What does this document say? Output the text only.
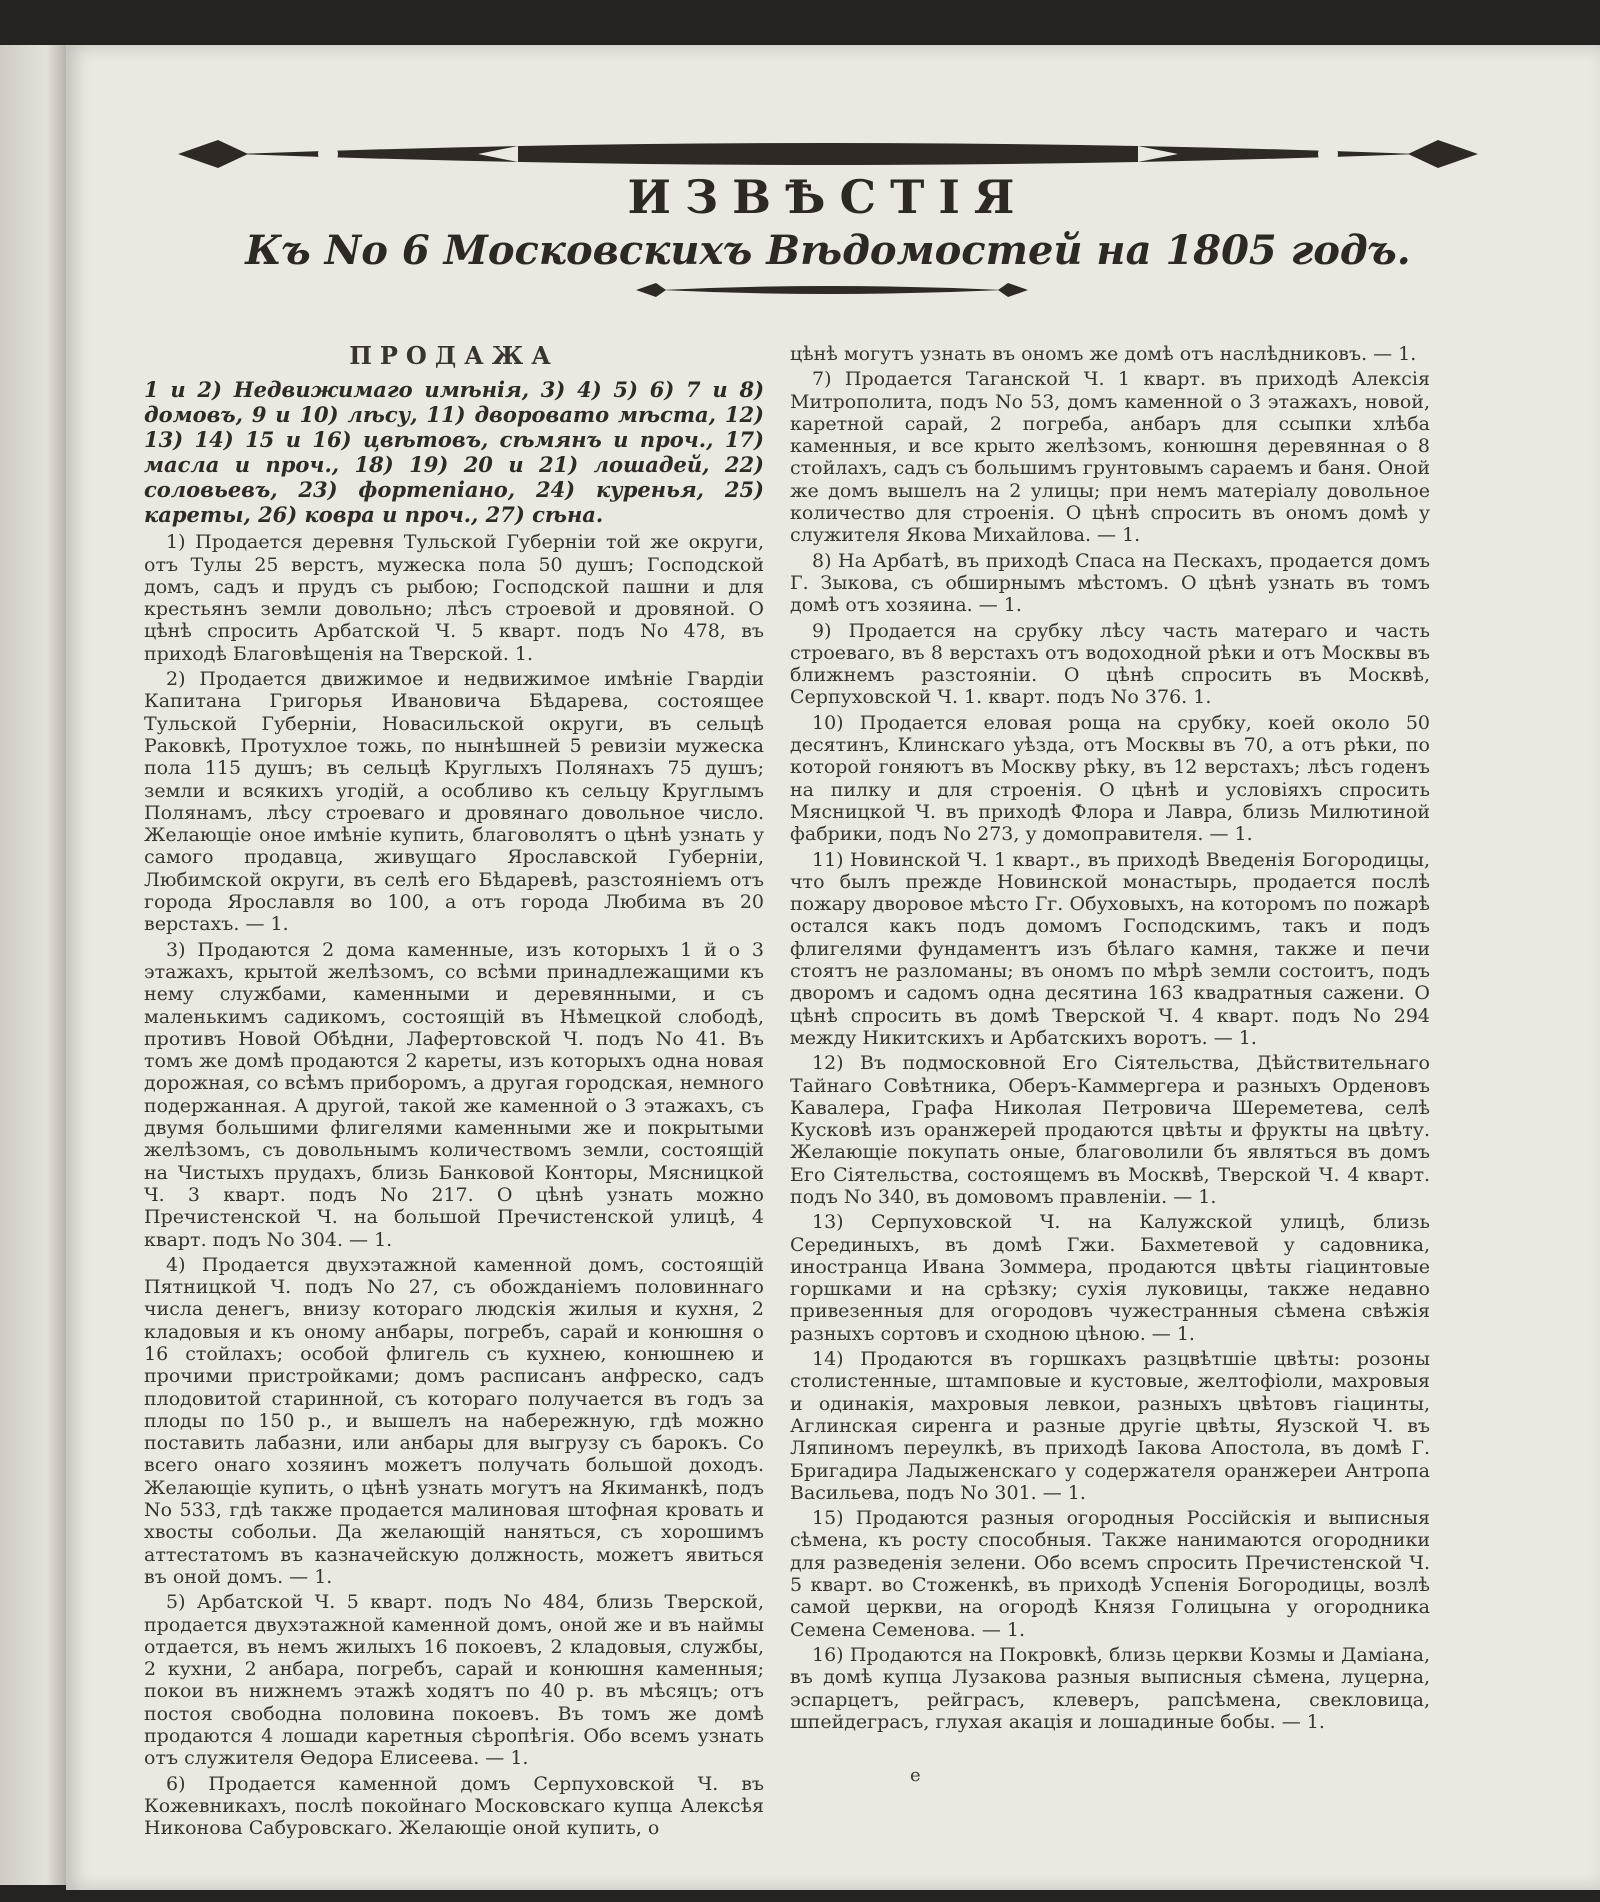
ИЗВѢСТІЯ
Къ No 6 Московскихъ Вѣдомостей на 1805 годъ.
ПРОДАЖА

1 и 2) Недвижимаго имѣнія, 3) 4) 5) 6) 7 и 8) домовъ, 9 и 10) лѣсу, 11) дворовато мѣста, 12) 13) 14) 15 и 16) цвѣтовъ, сѣмянъ и проч., 17) масла и проч., 18) 19) 20 и 21) лошадей, 22) соловьевъ, 23) фортепіано, 24) куренья, 25) кареты, 26) ковра и проч., 27) сѣна.

1) Продается деревня Тульской Губерніи той же округи, отъ Тулы 25 верстъ, мужеска пола 50 душъ; Господской домъ, садъ и прудъ съ рыбою; Господской пашни и для крестьянъ земли довольно; лѣсъ строевой и дровяной. О цѣнѣ спросить Арбатской Ч. 5 кварт. подъ No 478, въ приходѣ Благовѣщенія на Тверской. 1.

2) Продается движимое и недвижимое имѣніе Гвардіи Капитана Григорья Ивановича Бѣдарева, состоящее Тульской Губерніи, Новасильской округи, въ сельцѣ Раковкѣ, Протухлое тожь, по нынѣшней 5 ревизіи мужеска пола 115 душъ; въ сельцѣ Круглыхъ Полянахъ 75 душъ; земли и всякихъ угодій, а особливо къ сельцу Круглымъ Полянамъ, лѣсу строеваго и дровянаго довольное число. Желающіе оное имѣніе купить, благоволятъ о цѣнѣ узнать у самого продавца, живущаго Ярославской Губерніи, Любимской округи, въ селѣ его Бѣдаревѣ, разстояніемъ отъ города Ярославля во 100, а отъ города Любима въ 20 верстахъ. — 1.

3) Продаются 2 дома каменные, изъ которыхъ 1 й о 3 этажахъ, крытой желѣзомъ, со всѣми принадлежащими къ нему службами, каменными и деревянными, и съ маленькимъ садикомъ, состоящій въ Нѣмецкой слободѣ, противъ Новой Обѣдни, Лафертовской Ч. подъ No 41. Въ томъ же домѣ продаются 2 кареты, изъ которыхъ одна новая дорожная, со всѣмъ приборомъ, а другая городская, немного подержанная. А другой, такой же каменной о 3 этажахъ, съ двумя большими флигелями каменными же и покрытыми желѣзомъ, съ довольнымъ количествомъ земли, состоящій на Чистыхъ прудахъ, близь Банковой Конторы, Мясницкой Ч. 3 кварт. подъ No 217. О цѣнѣ узнать можно Пречистенской Ч. на большой Пречистенской улицѣ, 4 кварт. подъ No 304. — 1.

4) Продается двухэтажной каменной домъ, состоящій Пятницкой Ч. подъ No 27, съ обожданіемъ половиннаго числа денегъ, внизу котораго людскія жилыя и кухня, 2 кладовыя и къ оному анбары, погребъ, сарай и конюшня о 16 стойлахъ; особой флигель съ кухнею, конюшнею и прочими пристройками; домъ расписанъ анфреско, садъ плодовитой старинной, съ котораго получается въ годъ за плоды по 150 р., и вышелъ на набережную, гдѣ можно поставить лабазни, или анбары для выгрузу съ барокъ. Со всего онаго хозяинъ можетъ получать большой доходъ. Желающіе купить, о цѣнѣ узнать могутъ на Якиманкѣ, подъ No 533, гдѣ также продается малиновая штофная кровать и хвосты собольи. Да желающій наняться, съ хорошимъ аттестатомъ въ казначейскую должность, можетъ явиться въ оной домъ. — 1.

5) Арбатской Ч. 5 кварт. подъ No 484, близь Тверской, продается двухэтажной каменной домъ, оной же и въ наймы отдается, въ немъ жилыхъ 16 покоевъ, 2 кладовыя, службы, 2 кухни, 2 анбара, погребъ, сарай и конюшня каменныя; покои въ нижнемъ этажѣ ходятъ по 40 р. въ мѣсяцъ; отъ постоя свободна половина покоевъ. Въ томъ же домѣ продаются 4 лошади каретныя сѣропѣгія. Обо всемъ узнать отъ служителя Ѳедора Елисеева. — 1.

6) Продается каменной домъ Серпуховской Ч. въ Кожевникахъ, послѣ покойнаго Московскаго купца Алексѣя Никонова Сабуровскаго. Желающіе оной купить, о

цѣнѣ могутъ узнать въ ономъ же домѣ отъ наслѣдниковъ. — 1.

7) Продается Таганской Ч. 1 кварт. въ приходѣ Алексія Митрополита, подъ No 53, домъ каменной о 3 этажахъ, новой, каретной сарай, 2 погреба, анбаръ для ссыпки хлѣба каменныя, и все крыто желѣзомъ, конюшня деревянная о 8 стойлахъ, садъ съ большимъ грунтовымъ сараемъ и баня. Оной же домъ вышелъ на 2 улицы; при немъ матеріалу довольное количество для строенія. О цѣнѣ спросить въ ономъ домѣ у служителя Якова Михайлова. — 1.

8) На Арбатѣ, въ приходѣ Спаса на Пескахъ, продается домъ Г. Зыкова, съ обширнымъ мѣстомъ. О цѣнѣ узнать въ томъ домѣ отъ хозяина. — 1.

9) Продается на срубку лѣсу часть матераго и часть строеваго, въ 8 верстахъ отъ водоходной рѣки и отъ Москвы въ ближнемъ разстояніи. О цѣнѣ спросить въ Москвѣ, Серпуховской Ч. 1. кварт. подъ No 376. 1.

10) Продается еловая роща на срубку, коей около 50 десятинъ, Клинскаго уѣзда, отъ Москвы въ 70, а отъ рѣки, по которой гоняютъ въ Москву рѣку, въ 12 верстахъ; лѣсъ годенъ на пилку и для строенія. О цѣнѣ и условіяхъ спросить Мясницкой Ч. въ приходѣ Флора и Лавра, близь Милютиной фабрики, подъ No 273, у домоправителя. — 1.

11) Новинской Ч. 1 кварт., въ приходѣ Введенія Богородицы, что былъ прежде Новинской монастырь, продается послѣ пожару дворовое мѣсто Гг. Обуховыхъ, на которомъ по пожарѣ остался какъ подъ домомъ Господскимъ, такъ и подъ флигелями фундаментъ изъ бѣлаго камня, также и печи стоятъ не разломаны; въ ономъ по мѣрѣ земли состоитъ, подъ дворомъ и садомъ одна десятина 163 квадратныя сажени. О цѣнѣ спросить въ домѣ Тверской Ч. 4 кварт. подъ No 294 между Никитскихъ и Арбатскихъ воротъ. — 1.

12) Въ подмосковной Его Сіятельства, Дѣйствительнаго Тайнаго Совѣтника, Оберъ-Каммергера и разныхъ Орденовъ Кавалера, Графа Николая Петровича Шереметева, селѣ Кусковѣ изъ оранжерей продаются цвѣты и фрукты на цвѣту. Желающіе покупать оные, благоволили бъ являться въ домъ Его Сіятельства, состоящемъ въ Москвѣ, Тверской Ч. 4 кварт. подъ No 340, въ домовомъ правленіи. — 1.

13) Серпуховской Ч. на Калужской улицѣ, близь Серединыхъ, въ домѣ Гжи. Бахметевой у садовника, иностранца Ивана Зоммера, продаются цвѣты гіацинтовые горшками и на срѣзку; сухія луковицы, также недавно привезенныя для огородовъ чужестранныя сѣмена свѣжія разныхъ сортовъ и сходною цѣною. — 1.

14) Продаются въ горшкахъ разцвѣтшіе цвѣты: розоны столистенные, штамповые и кустовые, желтофіоли, махровыя и одинакія, махровыя левкои, разныхъ цвѣтовъ гіацинты, Аглинская сиренга и разные другіе цвѣты, Яузской Ч. въ Ляпиномъ переулкѣ, въ приходѣ Іакова Апостола, въ домѣ Г. Бригадира Ладыженскаго у содержателя оранжереи Антропа Васильева, подъ No 301. — 1.

15) Продаются разныя огородныя Россійскія и выписныя сѣмена, къ росту способныя. Также нанимаются огородники для разведенія зелени. Обо всемъ спросить Пречистенской Ч. 5 кварт. во Стоженкѣ, въ приходѣ Успенія Богородицы, возлѣ самой церкви, на огородѣ Князя Голицына у огородника Семена Семенова. — 1.

16) Продаются на Покровкѣ, близь церкви Козмы и Даміана, въ домѣ купца Лузакова разныя выписныя сѣмена, луцерна, эспарцетъ, рейграсъ, клеверъ, рапсѣмена, свекловица, шпейдеграсъ, глухая акація и лошадиные бобы. — 1.

е
